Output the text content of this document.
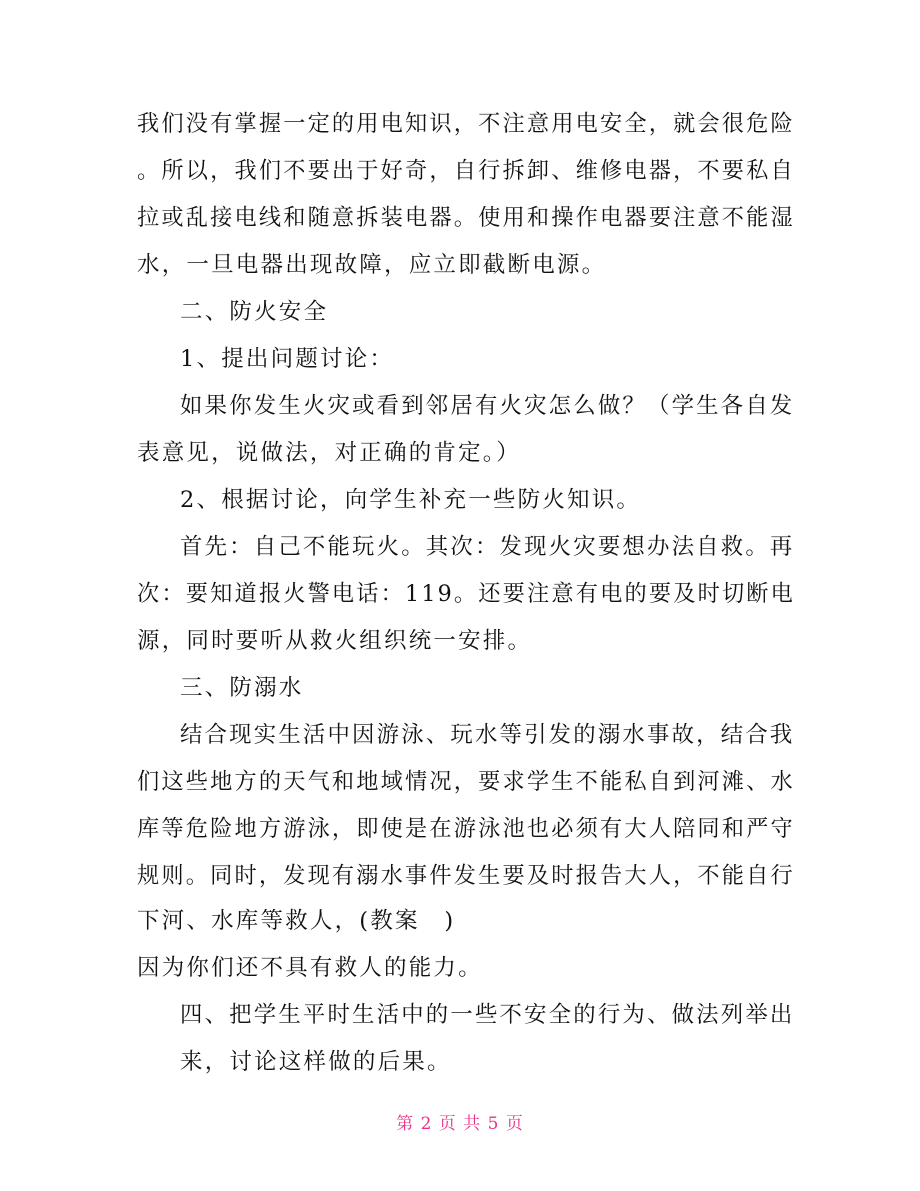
我们没有掌握一定的用电知识，不注意用电安全，就会很危险
。所以，我们不要出于好奇，自行拆卸、维修电器，不要私自
拉或乱接电线和随意拆装电器。使用和操作电器要注意不能湿
水，一旦电器出现故障，应立即截断电源。
二、防火安全
1、提出问题讨论：
如果你发生火灾或看到邻居有火灾怎么做？（学生各自发
表意见，说做法，对正确的肯定。）
2、根据讨论，向学生补充一些防火知识。
首先：自己不能玩火。其次：发现火灾要想办法自救。再
次：要知道报火警电话：119。还要注意有电的要及时切断电
源，同时要听从救火组织统一安排。
三、防溺水
结合现实生活中因游泳、玩水等引发的溺水事故，结合我
们这些地方的天气和地域情况，要求学生不能私自到河滩、水
库等危险地方游泳，即使是在游泳池也必须有大人陪同和严守
规则。同时，发现有溺水事件发生要及时报告大人，不能自行
下河、水库等救人，(教案　)
因为你们还不具有救人的能力。
四、把学生平时生活中的一些不安全的行为、做法列举出
来，讨论这样做的后果。
第 2 页 共 5 页
